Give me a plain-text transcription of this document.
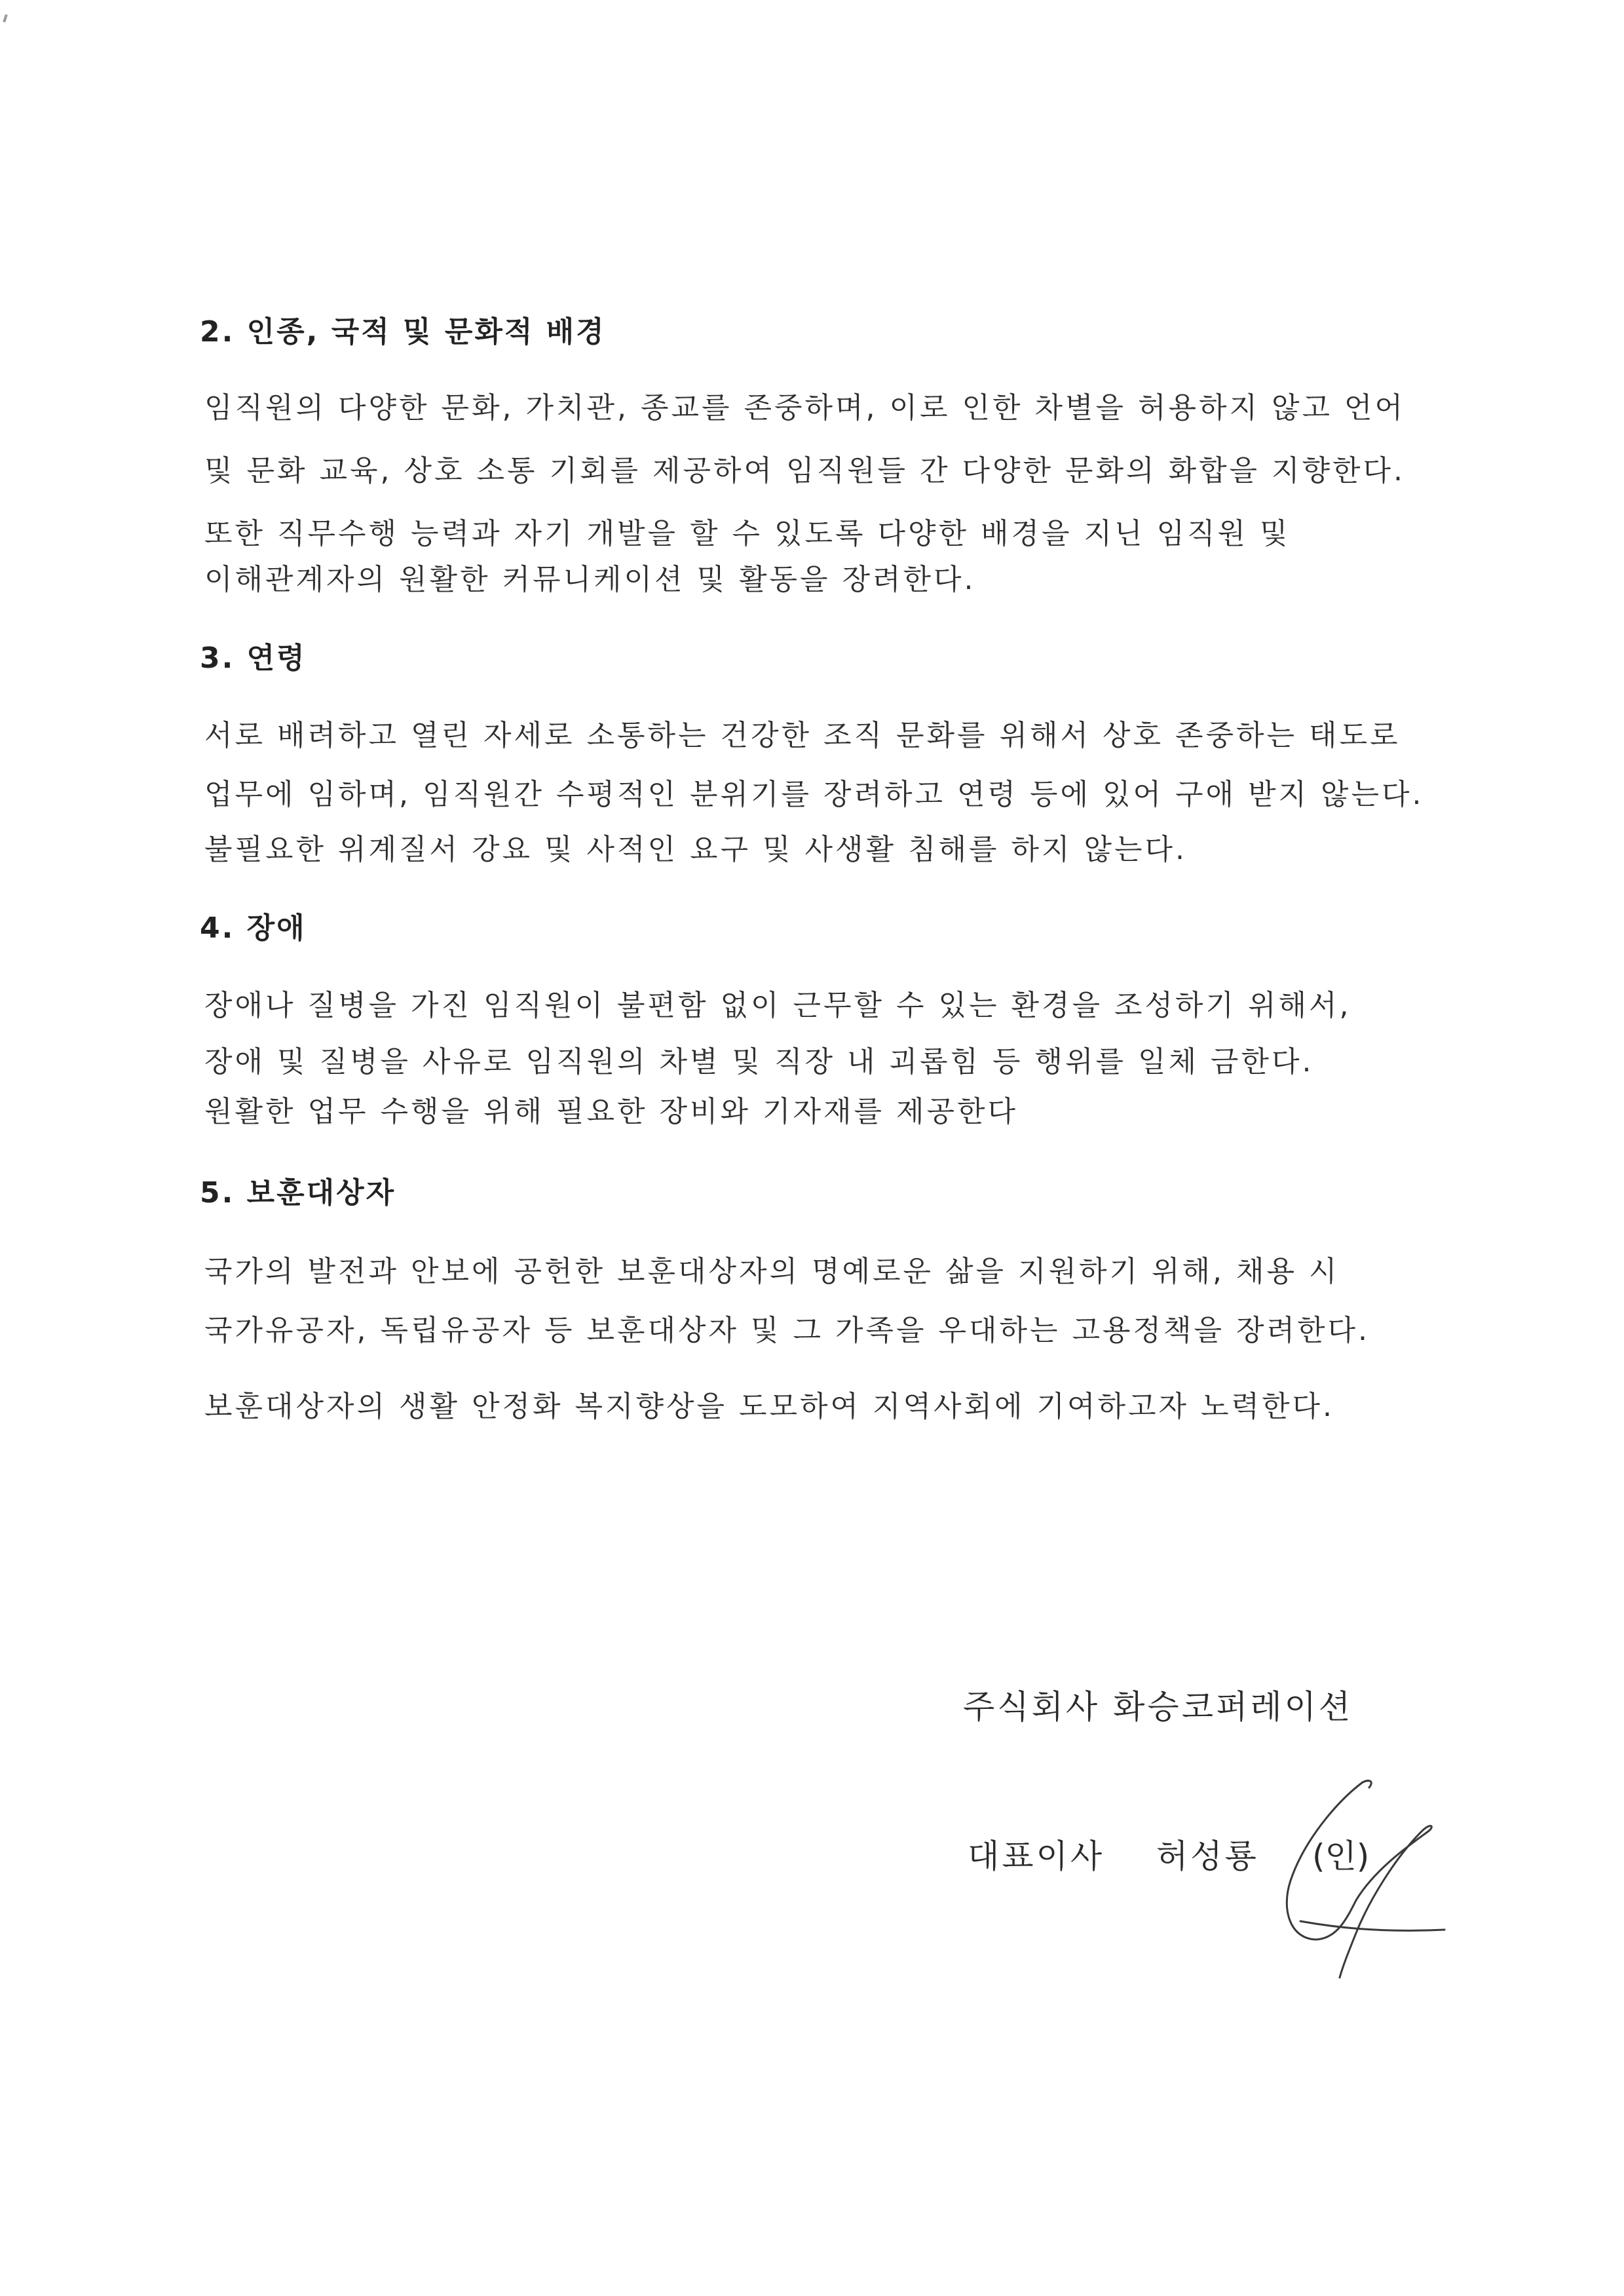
2. 인종, 국적 및 문화적 배경
임직원의 다양한 문화, 가치관, 종교를 존중하며, 이로 인한 차별을 허용하지 않고 언어
및 문화 교육, 상호 소통 기회를 제공하여 임직원들 간 다양한 문화의 화합을 지향한다.
또한 직무수행 능력과 자기 개발을 할 수 있도록 다양한 배경을 지닌 임직원 및
이해관계자의 원활한 커뮤니케이션 및 활동을 장려한다.
3. 연령
서로 배려하고 열린 자세로 소통하는 건강한 조직 문화를 위해서 상호 존중하는 태도로
업무에 임하며, 임직원간 수평적인 분위기를 장려하고 연령 등에 있어 구애 받지 않는다.
불필요한 위계질서 강요 및 사적인 요구 및 사생활 침해를 하지 않는다.
4. 장애
장애나 질병을 가진 임직원이 불편함 없이 근무할 수 있는 환경을 조성하기 위해서,
장애 및 질병을 사유로 임직원의 차별 및 직장 내 괴롭힘 등 행위를 일체 금한다.
원활한 업무 수행을 위해 필요한 장비와 기자재를 제공한다
5. 보훈대상자
국가의 발전과 안보에 공헌한 보훈대상자의 명예로운 삶을 지원하기 위해, 채용 시
국가유공자, 독립유공자 등 보훈대상자 및 그 가족을 우대하는 고용정책을 장려한다.
보훈대상자의 생활 안정화 복지향상을 도모하여 지역사회에 기여하고자 노력한다.
주식회사 화승코퍼레이션
대표이사 허성룡 (인)
